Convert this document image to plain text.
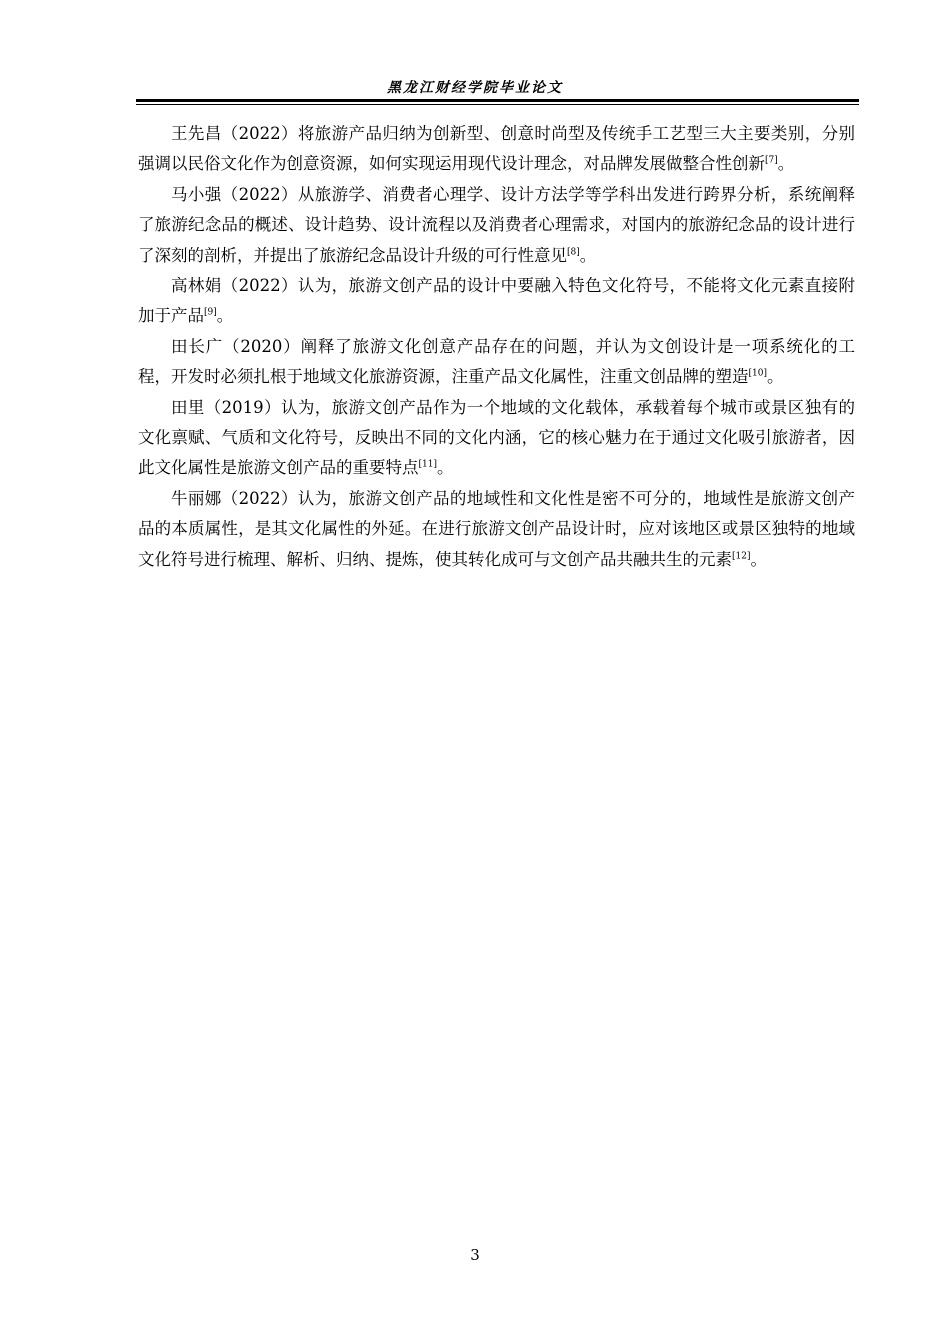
黑龙江财经学院毕业论文

王先昌（2022）将旅游产品归纳为创新型、创意时尚型及传统手工艺型三大主要类别，分别强调以民俗文化作为创意资源，如何实现运用现代设计理念，对品牌发展做整合性创新[7]。

马小强（2022）从旅游学、消费者心理学、设计方法学等学科出发进行跨界分析，系统阐释了旅游纪念品的概述、设计趋势、设计流程以及消费者心理需求，对国内的旅游纪念品的设计进行了深刻的剖析，并提出了旅游纪念品设计升级的可行性意见[8]。

高林娟（2022）认为，旅游文创产品的设计中要融入特色文化符号，不能将文化元素直接附加于产品[9]。

田长广（2020）阐释了旅游文化创意产品存在的问题，并认为文创设计是一项系统化的工程，开发时必须扎根于地域文化旅游资源，注重产品文化属性，注重文创品牌的塑造[10]。

田里（2019）认为，旅游文创产品作为一个地域的文化载体，承载着每个城市或景区独有的文化禀赋、气质和文化符号，反映出不同的文化内涵，它的核心魅力在于通过文化吸引旅游者，因此文化属性是旅游文创产品的重要特点[11]。

牛丽娜（2022）认为，旅游文创产品的地域性和文化性是密不可分的，地域性是旅游文创产品的本质属性，是其文化属性的外延。在进行旅游文创产品设计时，应对该地区或景区独特的地域文化符号进行梳理、解析、归纳、提炼，使其转化成可与文创产品共融共生的元素[12]。

3
